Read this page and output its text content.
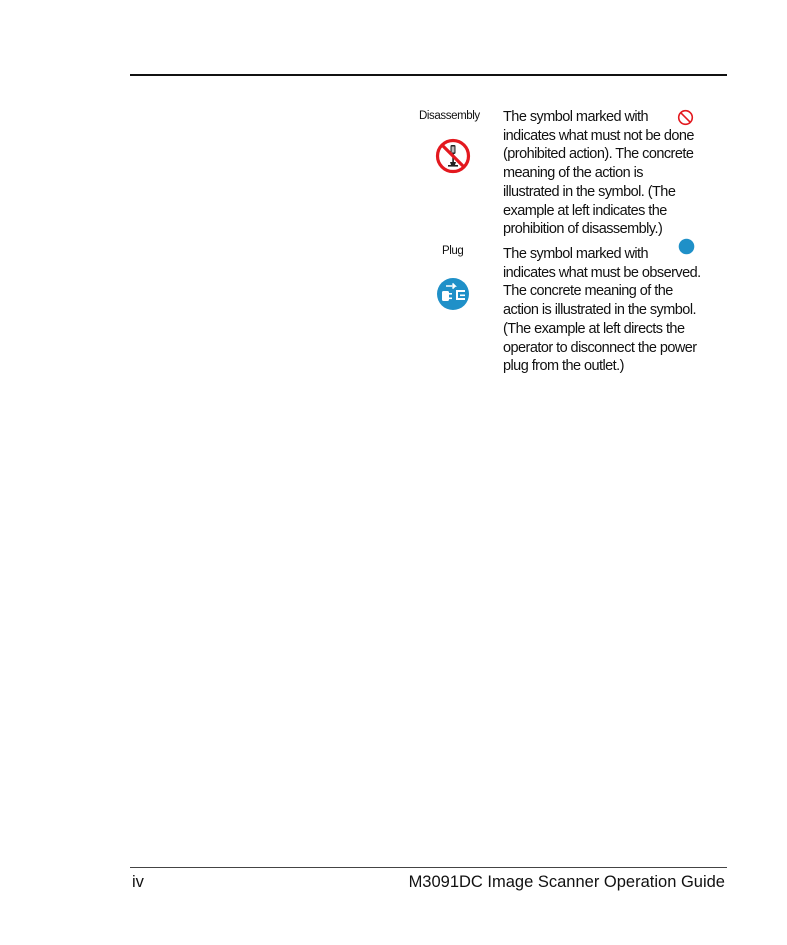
Disassembly The symbol marked with
indicates what must not be done
(prohibited action). The concrete
meaning of the action is
illustrated in the symbol. (The
example at left indicates the
prohibition of disassembly.)
Plug	The symbol marked with
indicates what must be observed.
The concrete meaning of the
action is illustrated in the symbol.
(The example at left directs the
operator to disconnect the power
plug from the outlet.)
iv	M3091DC Image Scanner Operation Guide
